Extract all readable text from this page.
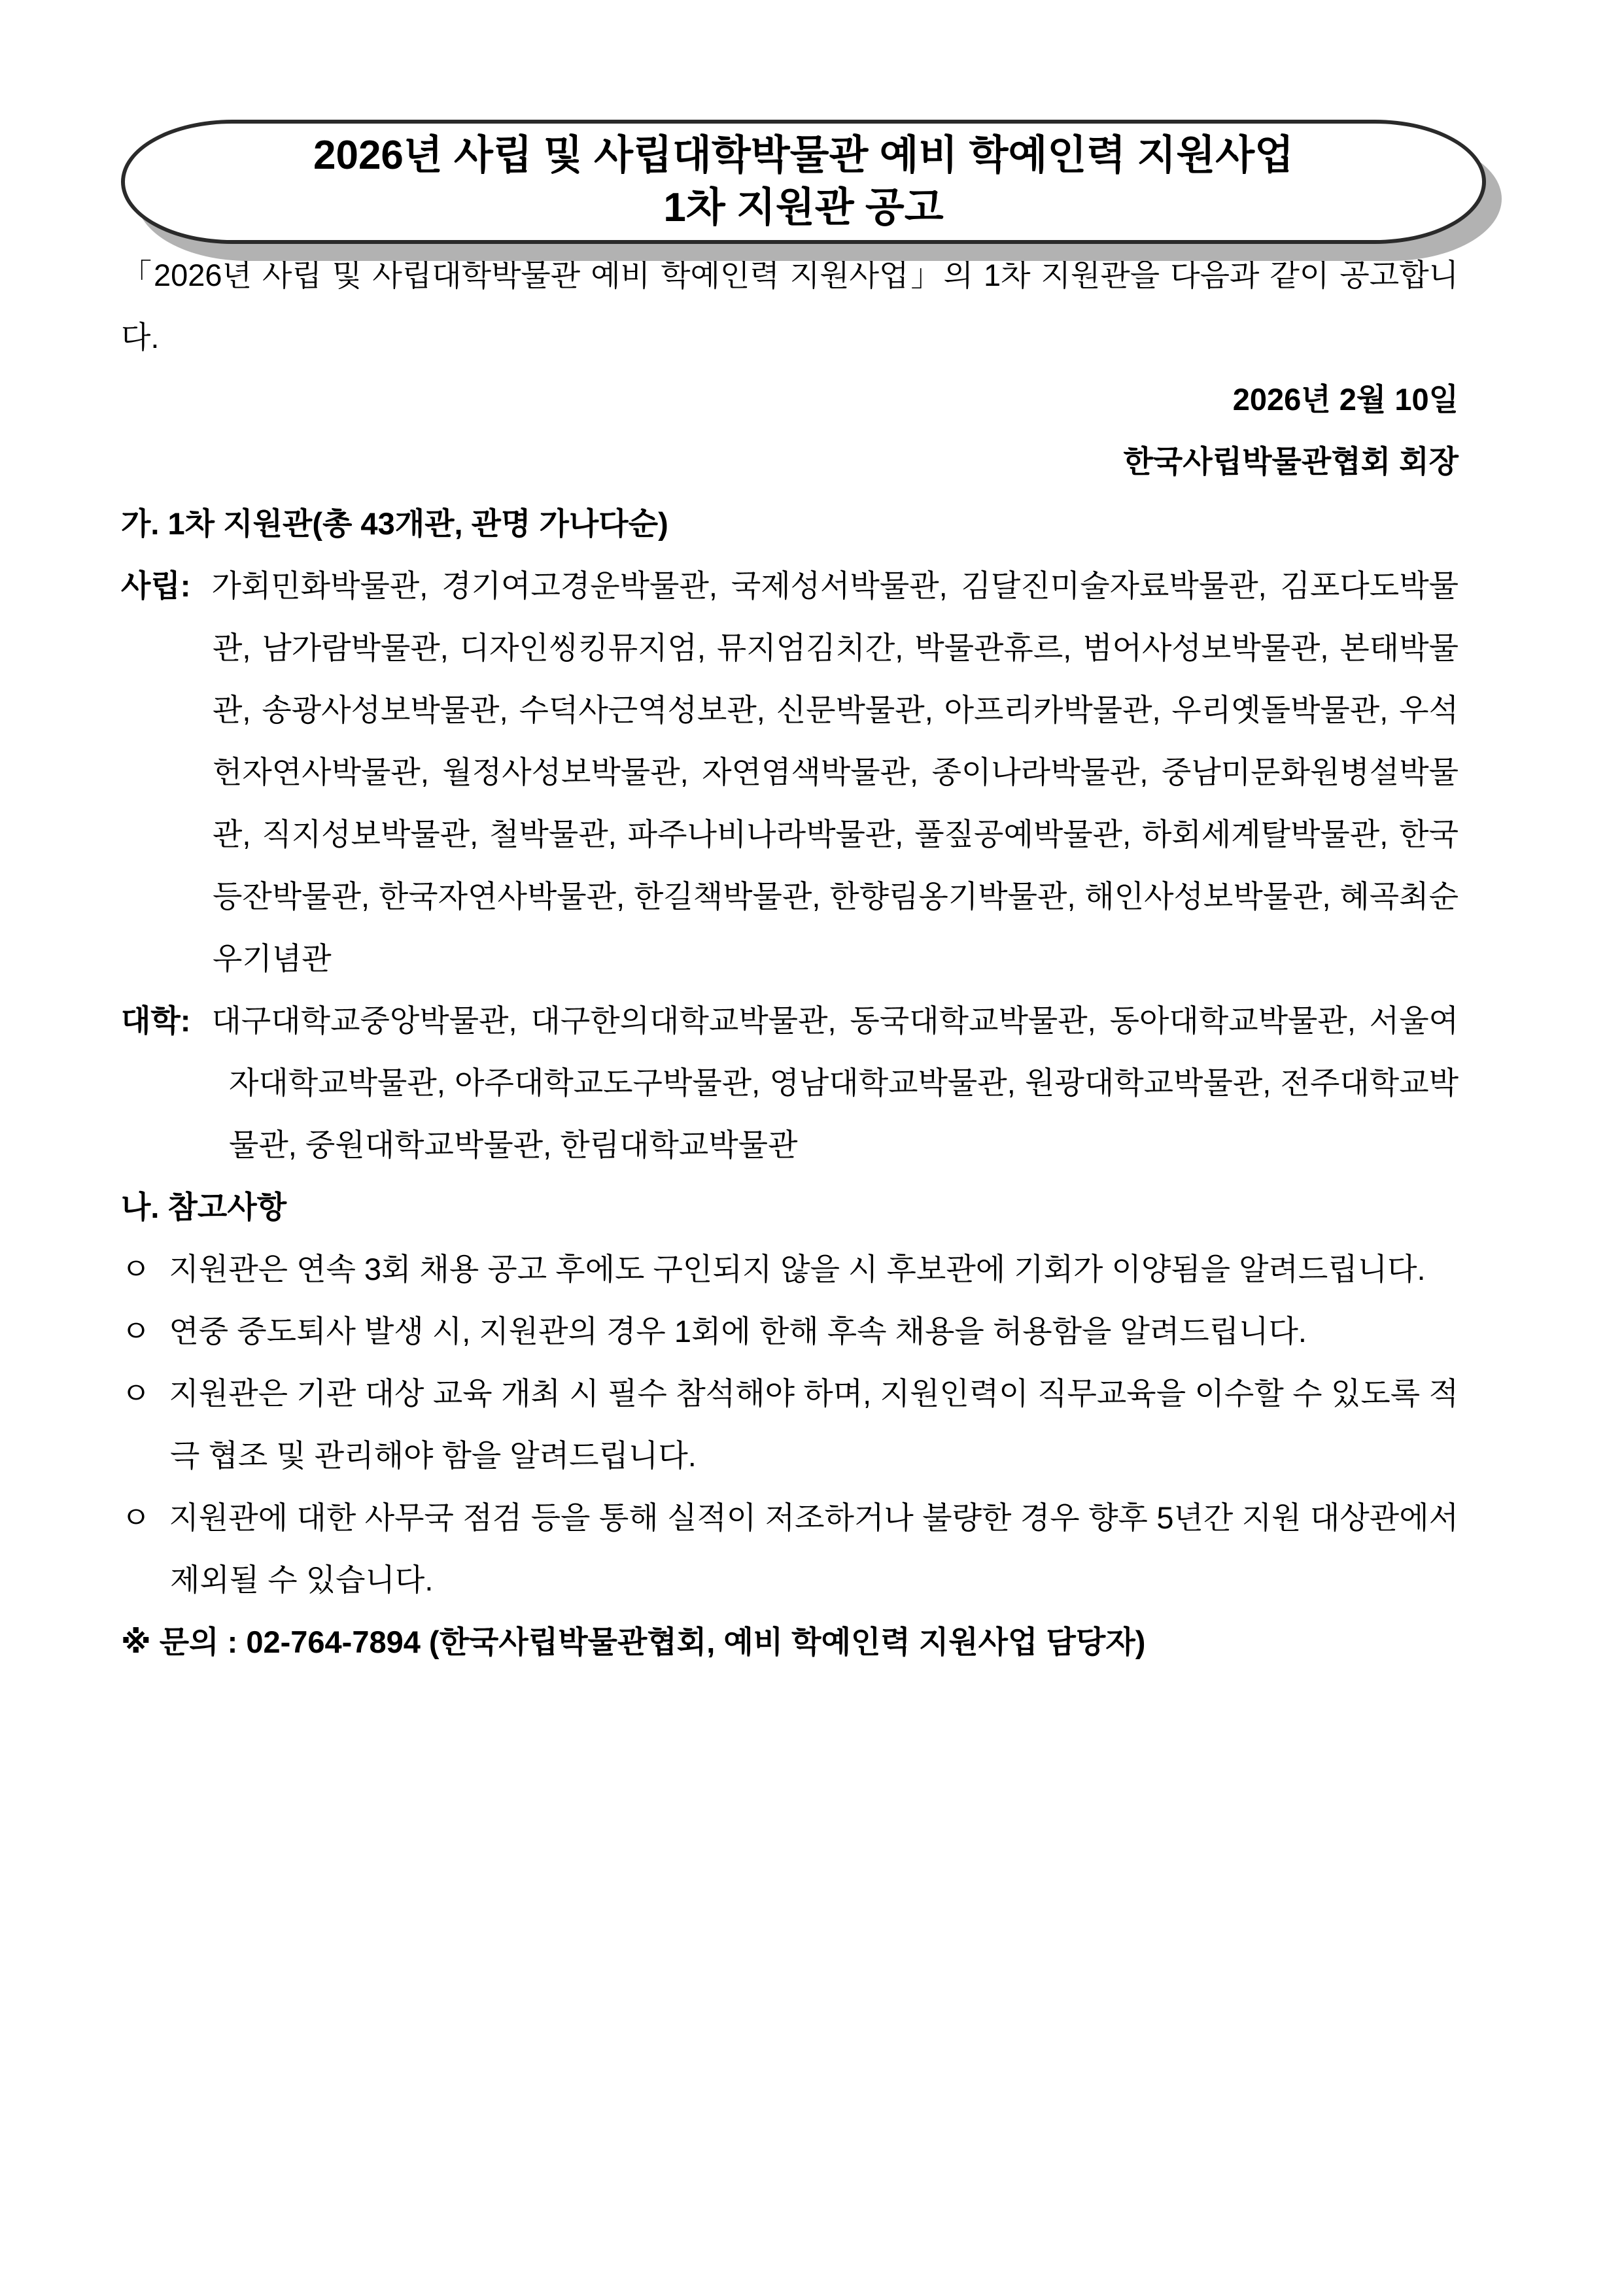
2026년 사립 및 사립대학박물관 예비 학예인력 지원사업
1차 지원관 공고

「2026년 사립 및 사립대학박물관 예비 학예인력 지원사업」의 1차 지원관을 다음과 같이 공고합니다.

2026년 2월 10일

한국사립박물관협회 회장

가. 1차 지원관(총 43개관, 관명 가나다순)

사립: 가회민화박물관, 경기여고경운박물관, 국제성서박물관, 김달진미술자료박물관, 김포다도박물관, 남가람박물관, 디자인씽킹뮤지엄, 뮤지엄김치간, 박물관휴르, 범어사성보박물관, 본태박물관, 송광사성보박물관, 수덕사근역성보관, 신문박물관, 아프리카박물관, 우리옛돌박물관, 우석헌자연사박물관, 월정사성보박물관, 자연염색박물관, 종이나라박물관, 중남미문화원병설박물관, 직지성보박물관, 철박물관, 파주나비나라박물관, 풀짚공예박물관, 하회세계탈박물관, 한국등잔박물관, 한국자연사박물관, 한길책박물관, 한향림옹기박물관, 해인사성보박물관, 혜곡최순우기념관

대학: 대구대학교중앙박물관, 대구한의대학교박물관, 동국대학교박물관, 동아대학교박물관, 서울여자대학교박물관, 아주대학교도구박물관, 영남대학교박물관, 원광대학교박물관, 전주대학교박물관, 중원대학교박물관, 한림대학교박물관

나. 참고사항

ㅇ 지원관은 연속 3회 채용 공고 후에도 구인되지 않을 시 후보관에 기회가 이양됨을 알려드립니다.

ㅇ 연중 중도퇴사 발생 시, 지원관의 경우 1회에 한해 후속 채용을 허용함을 알려드립니다.

ㅇ 지원관은 기관 대상 교육 개최 시 필수 참석해야 하며, 지원인력이 직무교육을 이수할 수 있도록 적극 협조 및 관리해야 함을 알려드립니다.

ㅇ 지원관에 대한 사무국 점검 등을 통해 실적이 저조하거나 불량한 경우 향후 5년간 지원 대상관에서 제외될 수 있습니다.

※ 문의 : 02-764-7894 (한국사립박물관협회, 예비 학예인력 지원사업 담당자)
